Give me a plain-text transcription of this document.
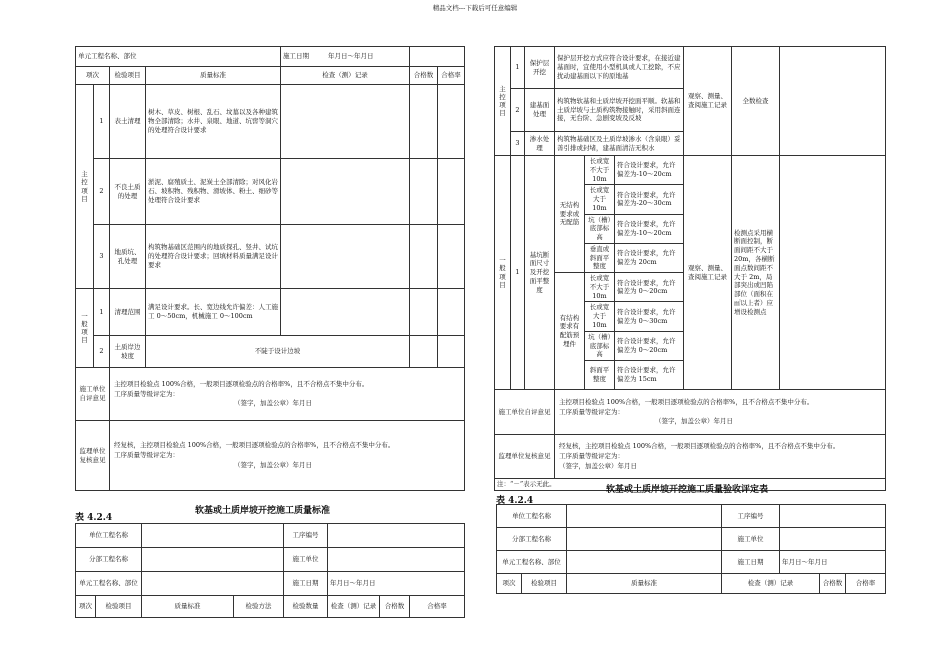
精品文档---下载后可任意编辑
单元工程名称、部位				施工日期 年月日～年月日		
项次		检验项目	质量标准	检查（测）记录	合格数	合格率
主控项目	1	表土清理	树木、草皮、树根、乱石、坟墓以及各种建筑物全部清除；水井、泉眼、地道、坑窖等洞穴的处理符合设计要求			
	2	不良土质的处理	淤泥、腐殖质土、泥炭土全部清除；对风化岩石、坡积物、残积物、滑坡体、粉土、细砂等处理符合设计要求			
	3	地质坑、孔处理	构筑物基础区范围内的地质探孔、竖井、试坑的处理符合设计要求；回填材料质量满足设计要求			
一般项目	1	清理范围	满足设计要求。长、宽边线允许偏差：人工施工 0～50cm，机械施工 0～100cm			
	2	土质岸边坡度	不陡于设计边坡			
施工单位自评意见		主控项目检验点 100%合格，一般项目逐项检验点的合格率%，且不合格点不集中分布。
工序质量等级评定为：
（签字，加盖公章）年月日				

监理单位复核意见		经复核，主控项目检验点 100%合格，一般项目逐项检验点的合格率%，且不合格点不集中分布。
工序质量等级评定为：
（签字，加盖公章）年月日				
软基或土质岸坡开挖施工质量标准
表 4.2.4
单位工程名称				工序编号			
分部工程名称				施工单位			
单元工程名称、部位				施工日期	年月日～年月日		
项次	检验项目	质量标准	检验方法	检验数量	检查（测）记录	合格数	合格率
主控项目	1	保护层开挖	保护层开挖方式应符合设计要求，在接近建基面时，宜使用小型机具或人工挖除，不应扰动建基面以下的原地基			观察、测量、查阅施工记录	全数检查	
	2	建基面处理	构筑物软基和土质岸坡开挖面平顺。软基和土质岸坡与土质构筑物接触时，采用斜面连接，无台阶、急剧变坡及反坡					
	3	渗水处理	构筑物基础区及土质岸坡渗水（含泉眼）妥善引排或封堵，建基面清洁无积水					
一般项目	1	基坑断面尺寸及开挖面平整度	无结构要求或无配筋	长或宽不大于 10m	符合设计要求，允许偏差为-10～20cm	观察、测量、查阅施工记录	检测点采用横断面控制，断面间距不大于 20m，各横断面点数间距不大于 2m，局部突出或凹陷部位（面积在㎡以上者）应增设检测点	
				长或宽大于 10m	符合设计要求，允许偏差为-20～30cm			
				坑（槽）底部标高	符合设计要求，允许偏差为-10～20cm			
				垂直或斜面平整度	符合设计要求，允许偏差为 20cm			
			有结构要求有配筋预埋件	长或宽不大于 10m	符合设计要求，允许偏差为 0～20cm			
				长或宽大于 10m	符合设计要求，允许偏差为 0～30cm			
				坑（槽）底部标高	符合设计要求，允许偏差为 0～20cm			
				斜面平整度	符合设计要求，允许偏差为 15cm			
施工单位自评意见			主控项目检验点 100%合格，一般项目逐项检验点的合格率%，且不合格点不集中分布。
工序质量等级评定为：
（签字，加盖公章）年月日					

监理单位复核意见			经复核，主控项目检验点 100%合格，一般项目逐项检验点的合格率%，且不合格点不集中分布。
工序质量等级评定为：
（签字，加盖公章）年月日					

注：“－”表示无此。								
软基或土质岸坡开挖施工质量验收评定表
表 4.2.4
单位工程名称			工序编号			
分部工程名称			施工单位			
单元工程名称、部位			施工日期	年月日～年月日		
项次	检验项目	质量标准	检查（测）记录		合格数	合格率
